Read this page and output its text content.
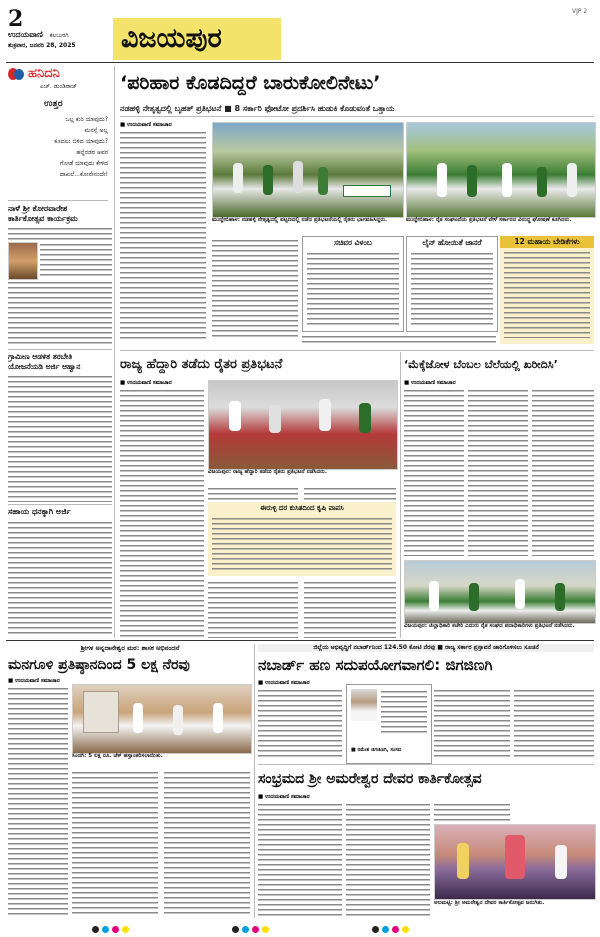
2
ಉದಯವಾಣಿ ಕಲಬುರಗಿ
ಶುಕ್ರವಾರ, ಜನವರಿ 28, 2025 ವಿಜಯಪುರ
VJP 2
ಹನಿದನಿ
ಎಚ್. ಡುಂಡಿರಾಜ್
ಉತ್ತರ
ಒಲ್ಲ ಕುರಿ ಯಾವುದು?
ಮನಸ್ಸೆ ಅಲ್ಲ
ಕೂದಲು ಬಿಳಿದ ಯಾವುದು?
ಹನ್ನೆರಡರ ಅವರ
ಗೋಡೆ ಯಾವುದು ಕೇಳಿದ
ದಾಖಲೆ...ಕೋನೇನಂದೇ!
ನಾಳೆ ಶ್ರೀ ಕೋರವಾರೇಶ
ಕಾರ್ತಿಕೋತ್ಸವ ಕಾರ್ಯಕ್ರಮ
ಗ್ರಾಮೀಣ ಆಡಳಿತ ತರಬೇತಿ
ಯೋಜನೆಯಡಿ ಅರ್ಜಿ ಆಹ್ವಾನ
ಸಹಾಯ ಧನಕ್ಕಾಗಿ ಅರ್ಜಿ
‘ಪರಿಹಾರ ಕೊಡದಿದ್ದರೆ ಬಾರುಕೋಲಿನೇಟು’
ನಡಹಳ್ಳಿ ನೇತೃತ್ವದಲ್ಲಿ ಬೃಹತ್ ಪ್ರತಿಭಟನೆ ■ 8 ಸರ್ಕಾರಿ ಫೋಟೋ ಪ್ರದರ್ಶಿಸಿ ಹುಡುಕಿ ಕೊಡುವಂತೆ ಒತ್ತಾಯ
■ ಉದಯವಾಣಿ ಸಮಾಚಾರ
ಮುದ್ದೇಬಿಹಾಳ: ನಡಹಳ್ಳಿ ನೇತೃತ್ವದಲ್ಲಿ ಪಟ್ಟಣದಲ್ಲಿ ನಡೆದ ಪ್ರತಿಭಟನೆಯಲ್ಲಿ ರೈತರು ಭಾಗವಹಿಸಿದ್ದರು.	ಮುದ್ದೇಬಿಹಾಳ: ರೈತ ಸಂಘಟನೆಯ ಪ್ರತಿಭಟನೆ ವೇಳೆ ಸರ್ಕಾರದ ವಿರುದ್ಧ ಘೋಷಣೆ ಕೂಗಿದರು.
ಸಚಿವರ ವಿಳಂಬ	ಲೈನ್ ಹೋಯಿತೆ ಜಾನರೆ	12 ಮಹಾಯ ಬೇಡಿಕೆಗಳು
ರಾಜ್ಯ ಹೆದ್ದಾರಿ ತಡೆದು ರೈತರ ಪ್ರತಿಭಟನೆ
■ ಉದಯವಾಣಿ ಸಮಾಚಾರ
ವಿಜಯಪುರ: ರಾಜ್ಯ ಹೆದ್ದಾರಿ ತಡೆದು ರೈತರು ಪ್ರತಿಭಟನೆ ನಡೆಸಿದರು.
ಈರುಳ್ಳಿ ದರ ಕುಸಿತದಿಂದ ಕೃಷಿ ವಾಪಸಿ
‘ಮೆಕ್ಕೆಜೋಳ ಬೆಂಬಲ ಬೆಲೆಯಲ್ಲಿ ಖರೀದಿಸಿ’
■ ಉದಯವಾಣಿ ಸಮಾಚಾರ
ವಿಜಯಪುರ: ಜಿಲ್ಲಾಧಿಕಾರಿ ಕಚೇರಿ ಎದುರು ರೈತ ಸಂಘದ ಪದಾಧಿಕಾರಿಗಳು ಪ್ರತಿಭಟನೆ ನಡೆಸಿದರು.
ಶ್ರೀಗಳ ಅನ್ನದಾನೇಶ್ವರ ಮಠ: ಶಾಸಕ ಅಭಿನಂದನೆ
ಮನಗೂಳಿ ಪ್ರತಿಷ್ಠಾನದಿಂದ 5 ಲಕ್ಷ ನೆರವು
■ ಉದಯವಾಣಿ ಸಮಾಚಾರ
ಸಿಂದಗಿ: 5 ಲಕ್ಷ ರೂ. ಚೆಕ್ ಹಸ್ತಾಂತರಿಸಲಾಯಿತು.
ಜಿಲ್ಲೆಯ ಅಭಿವೃದ್ಧಿಗೆ ನಬಾರ್ಡ್‌ನಿಂದ 124.50 ಕೋಟಿ ನೆರವು ■ ರಾಜ್ಯ ಸರ್ಕಾರ ಪ್ರಸ್ತಾವನೆ ಜಾರಿಗೊಳಿಸಲು ಸೂಚನೆ
ನಬಾರ್ಡ್ ಹಣ ಸದುಪಯೋಗವಾಗಲಿ: ಜಿಗಜಿಣಗಿ
■ ಉದಯವಾಣಿ ಸಮಾಚಾರ
■ ರಮೇಶ ಜಿಗಜಿಣಗಿ, ಸಂಸದ
ಸಂಭ್ರಮದ ಶ್ರೀ ಅಮರೇಶ್ವರ ದೇವರ ಕಾರ್ತಿಕೋತ್ಸವ
■ ಉದಯವಾಣಿ ಸಮಾಚಾರ
ಆಲಮಟ್ಟಿ: ಶ್ರೀ ಅಮರೇಶ್ವರ ದೇವರ ಕಾರ್ತಿಕೋತ್ಸವ ಜರುಗಿತು.
